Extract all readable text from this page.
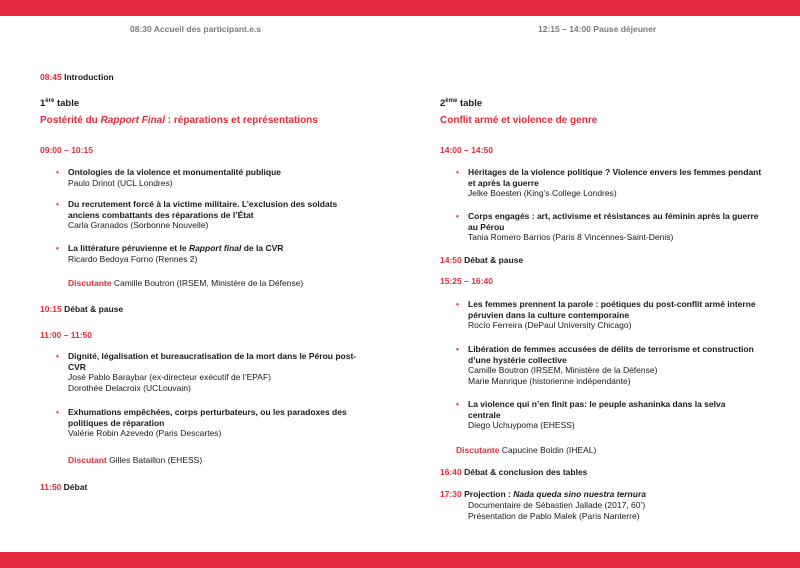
08:30 Accueil des participant.e.s
08:45 Introduction
1ère table
Postérité du Rapport Final : réparations et représentations
09:00 – 10:15
• Ontologies de la violence et monumentalité publique
Paulo Drinot (UCL Londres)
• Du recrutement forcé à la victime militaire. L’exclusion des soldats anciens combattants des réparations de l’État
Carla Granados (Sorbonne Nouvelle)
• La littérature péruvienne et le Rapport final de la CVR
Ricardo Bedoya Forno (Rennes 2)
Discutante Camille Boutron (IRSEM, Ministère de la Défense)
10:15 Débat & pause
11:00 – 11:50
• Dignité, légalisation et bureaucratisation de la mort dans le Pérou post-CVR
José Pablo Baraybar (ex-directeur exécutif de l’EPAF)
Dorothée Delacroix (UCLouvain)
• Exhumations empêchées, corps perturbateurs, ou les paradoxes des politiques de réparation
Valérie Robin Azevedo (Paris Descartes)
Discutant Gilles Bataillon (EHESS)
11:50 Débat
12:15 – 14:00 Pause déjeuner
2ème table
Conflit armé et violence de genre
14:00 – 14:50
• Héritages de la violence politique ? Violence envers les femmes pendant et après la guerre
Jelke Boesten (King’s College Londres)
• Corps engagés : art, activisme et résistances au féminin après la guerre au Pérou
Tania Romero Barrios (Paris 8 Vincennes-Saint-Denis)
14:50 Débat & pause
15:25 – 16:40
• Les femmes prennent la parole : poétiques du post-conflit armé interne péruvien dans la culture contemporaine
Rocío Ferreira (DePaul University Chicago)
• Libération de femmes accusées de délits de terrorisme et construction d’une hystérie collective
Camille Boutron (IRSEM, Ministère de la Défense)
Marie Manrique (historienne indépendante)
• La violence qui n’en finit pas: le peuple ashaninka dans la selva centrale
Diego Uchuypoma (EHESS)
Discutante Capucine Boidin (IHEAL)
16:40 Débat & conclusion des tables
17:30 Projection : Nada queda sino nuestra ternura
Documentaire de Sébastien Jallade (2017, 60’)
Présentation de Pablo Malek (Paris Nanterre)
